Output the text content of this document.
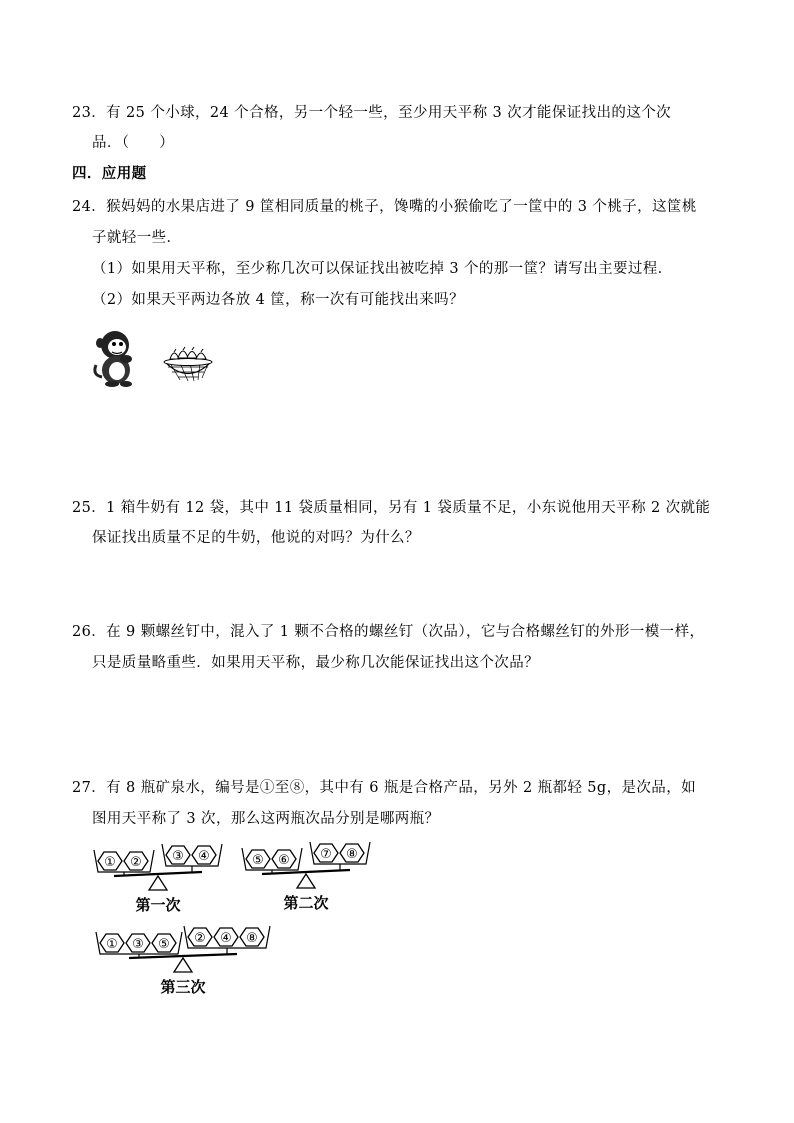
23．有 25 个小球，24 个合格，另一个轻一些，至少用天平称 3 次才能保证找出的这个次
品．（　　）
四．应用题
24．猴妈妈的水果店进了 9 筐相同质量的桃子，馋嘴的小猴偷吃了一筐中的 3 个桃子，这筐桃
子就轻一些．
（1）如果用天平称，至少称几次可以保证找出被吃掉 3 个的那一筐？请写出主要过程．
（2）如果天平两边各放 4 筐，称一次有可能找出来吗？
25．1 箱牛奶有 12 袋，其中 11 袋质量相同，另有 1 袋质量不足，小东说他用天平称 2 次就能
保证找出质量不足的牛奶，他说的对吗？为什么？
26．在 9 颗螺丝钉中，混入了 1 颗不合格的螺丝钉（次品），它与合格螺丝钉的外形一模一样，
只是质量略重些．如果用天平称，最少称几次能保证找出这个次品？
27．有 8 瓶矿泉水，编号是①至⑧，其中有 6 瓶是合格产品，另外 2 瓶都轻 5g，是次品，如
图用天平称了 3 次，那么这两瓶次品分别是哪两瓶？
① ② ③ ④
第一次
⑤ ⑥ ⑦ ⑧
第二次
① ③ ⑤ ② ④ ⑧
第三次
